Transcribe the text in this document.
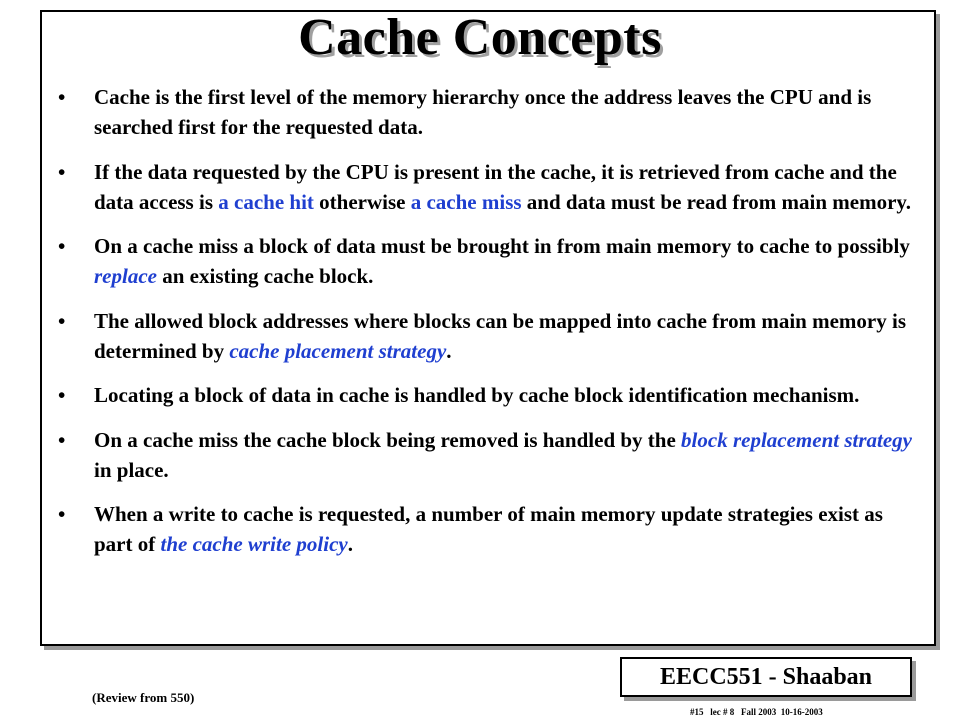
Cache Concepts
• Cache is the first level of the memory hierarchy once the address leaves the CPU and is searched first for the requested data.
• If the data requested by the CPU is present in the cache, it is retrieved from cache and the data access is a cache hit otherwise a cache miss and data must be read from main memory.
• On a cache miss a block of data must be brought in from main memory to cache to possibly replace an existing cache block.
• The allowed block addresses where blocks can be mapped into cache from main memory is determined by cache placement strategy.
• Locating a block of data in cache is handled by cache block identification mechanism.
• On a cache miss the cache block being removed is handled by the block replacement strategy in place.
• When a write to cache is requested, a number of main memory update strategies exist as part of the cache write policy.
(Review from 550)
EECC551 - Shaaban
#15   lec # 8   Fall 2003  10-16-2003
